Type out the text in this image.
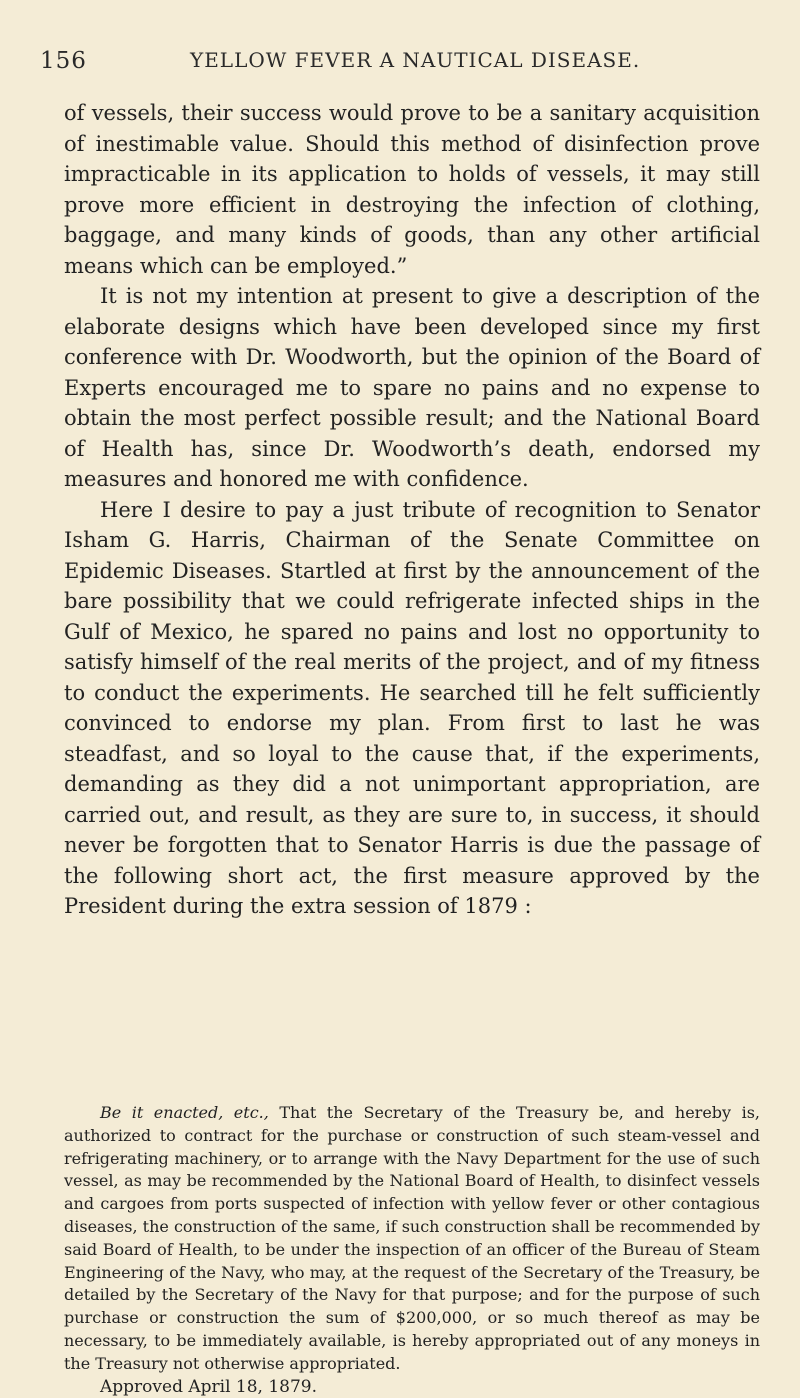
156	YELLOW FEVER A NAUTICAL DISEASE.

of vessels, their success would prove to be a sanitary acquisition of inestimable value. Should this method of disinfection prove impracticable in its application to holds of vessels, it may still prove more efficient in destroying the infection of clothing, baggage, and many kinds of goods, than any other artificial means which can be employed.”

It is not my intention at present to give a description of the elaborate designs which have been developed since my first conference with Dr. Woodworth, but the opinion of the Board of Experts encouraged me to spare no pains and no expense to obtain the most perfect possible result; and the National Board of Health has, since Dr. Woodworth’s death, endorsed my measures and honored me with confidence.

Here I desire to pay a just tribute of recognition to Senator Isham G. Harris, Chairman of the Senate Committee on Epidemic Diseases. Startled at first by the announcement of the bare possibility that we could refrigerate infected ships in the Gulf of Mexico, he spared no pains and lost no opportunity to satisfy himself of the real merits of the project, and of my fitness to conduct the experiments. He searched till he felt sufficiently convinced to endorse my plan. From first to last he was steadfast, and so loyal to the cause that, if the experiments, demanding as they did a not unimportant appropriation, are carried out, and result, as they are sure to, in success, it should never be forgotten that to Senator Harris is due the passage of the following short act, the first measure approved by the President during the extra session of 1879 :

Be it enacted, etc., That the Secretary of the Treasury be, and hereby is, authorized to contract for the purchase or construction of such steam-vessel and refrigerating machinery, or to arrange with the Navy Department for the use of such vessel, as may be recommended by the National Board of Health, to disinfect vessels and cargoes from ports suspected of infection with yellow fever or other contagious diseases, the construction of the same, if such construction shall be recommended by said Board of Health, to be under the inspection of an officer of the Bureau of Steam Engineering of the Navy, who may, at the request of the Secretary of the Treasury, be detailed by the Secretary of the Navy for that purpose; and for the purpose of such purchase or construction the sum of $200,000, or so much thereof as may be necessary, to be immediately available, is hereby appropriated out of any moneys in the Treasury not otherwise appropriated.

Approved April 18, 1879.
